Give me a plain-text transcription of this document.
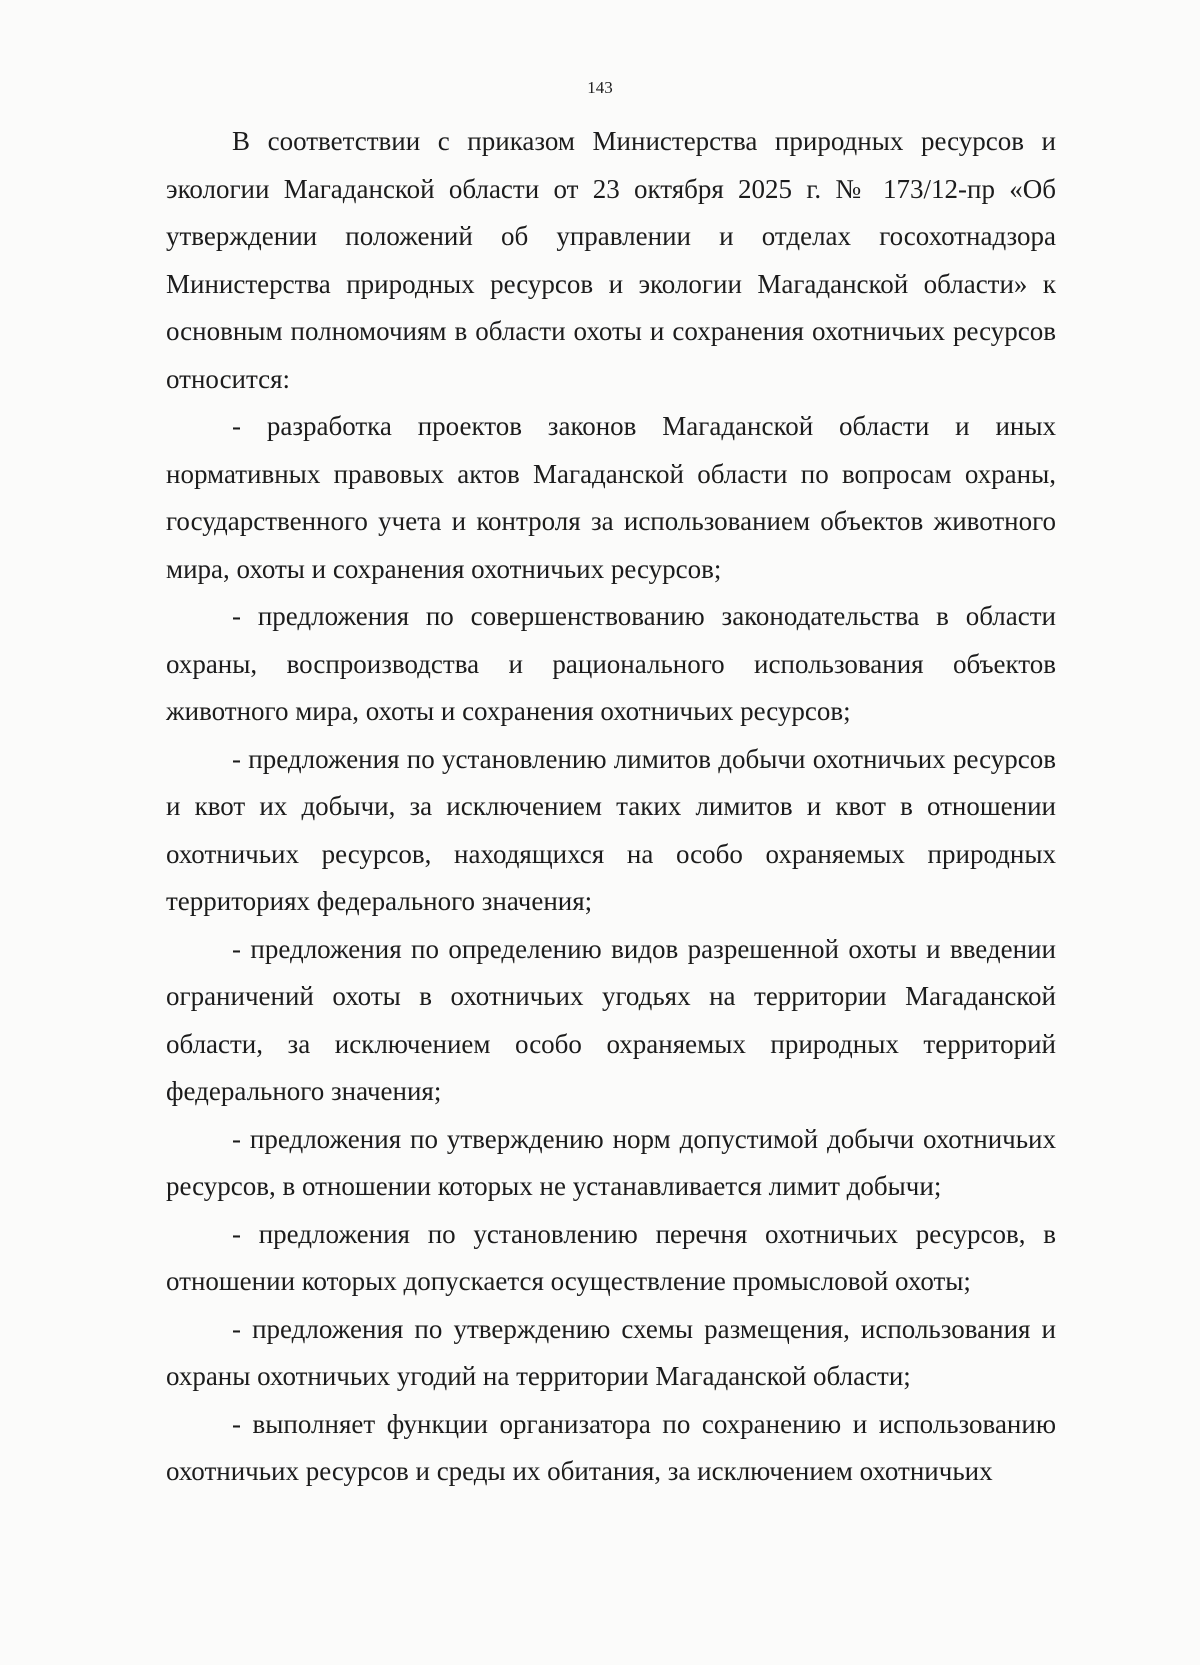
143

В соответствии с приказом Министерства природных ресурсов и экологии Магаданской области от 23 октября 2025 г. № 173/12-пр «Об утверждении положений об управлении и отделах госохотнадзора Министерства природных ресурсов и экологии Магаданской области» к основным полномочиям в области охоты и сохранения охотничьих ресурсов относится:

- разработка проектов законов Магаданской области и иных нормативных правовых актов Магаданской области по вопросам охраны, государственного учета и контроля за использованием объектов животного мира, охоты и сохранения охотничьих ресурсов;

- предложения по совершенствованию законодательства в области охраны, воспроизводства и рационального использования объектов животного мира, охоты и сохранения охотничьих ресурсов;

- предложения по установлению лимитов добычи охотничьих ресурсов и квот их добычи, за исключением таких лимитов и квот в отношении охотничьих ресурсов, находящихся на особо охраняемых природных территориях федерального значения;

- предложения по определению видов разрешенной охоты и введении ограничений охоты в охотничьих угодьях на территории Магаданской области, за исключением особо охраняемых природных территорий федерального значения;

- предложения по утверждению норм допустимой добычи охотничьих ресурсов, в отношении которых не устанавливается лимит добычи;

- предложения по установлению перечня охотничьих ресурсов, в отношении которых допускается осуществление промысловой охоты;

- предложения по утверждению схемы размещения, использования и охраны охотничьих угодий на территории Магаданской области;

- выполняет функции организатора по сохранению и использованию охотничьих ресурсов и среды их обитания, за исключением охотничьих
